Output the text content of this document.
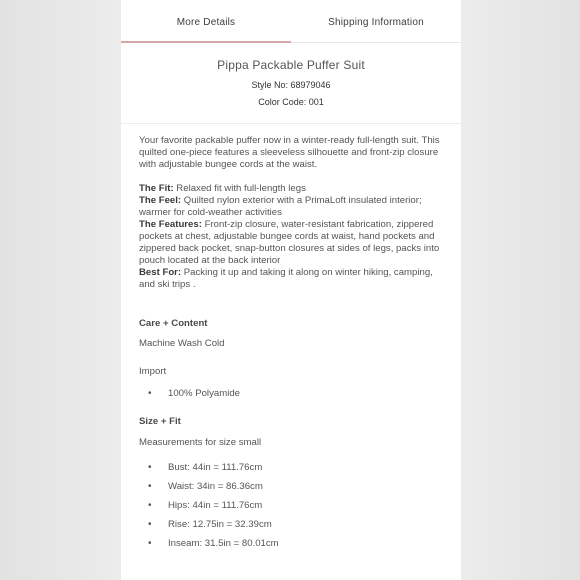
More Details	Shipping Information
Pippa Packable Puffer Suit
Style No: 68979046
Color Code: 001

Your favorite packable puffer now in a winter-ready full-length suit. This quilted one-piece features a sleeveless silhouette and front-zip closure with adjustable bungee cords at the waist.

The Fit: Relaxed fit with full-length legs

The Feel: Quilted nylon exterior with a PrimaLoft insulated interior; warmer for cold-weather activities

The Features: Front-zip closure, water-resistant fabrication, zippered pockets at chest, adjustable bungee cords at waist, hand pockets and zippered back pocket, snap-button closures at sides of legs, packs into pouch located at the back interior

Best For: Packing it up and taking it along on winter hiking, camping, and ski trips .

Care + Content
Machine Wash Cold
Import
• 100% Polyamide
Size + Fit
Measurements for size small
• Bust: 44in = 111.76cm
• Waist: 34in = 86.36cm
• Hips: 44in = 111.76cm
• Rise: 12.75in = 32.39cm
• Inseam: 31.5in = 80.01cm
